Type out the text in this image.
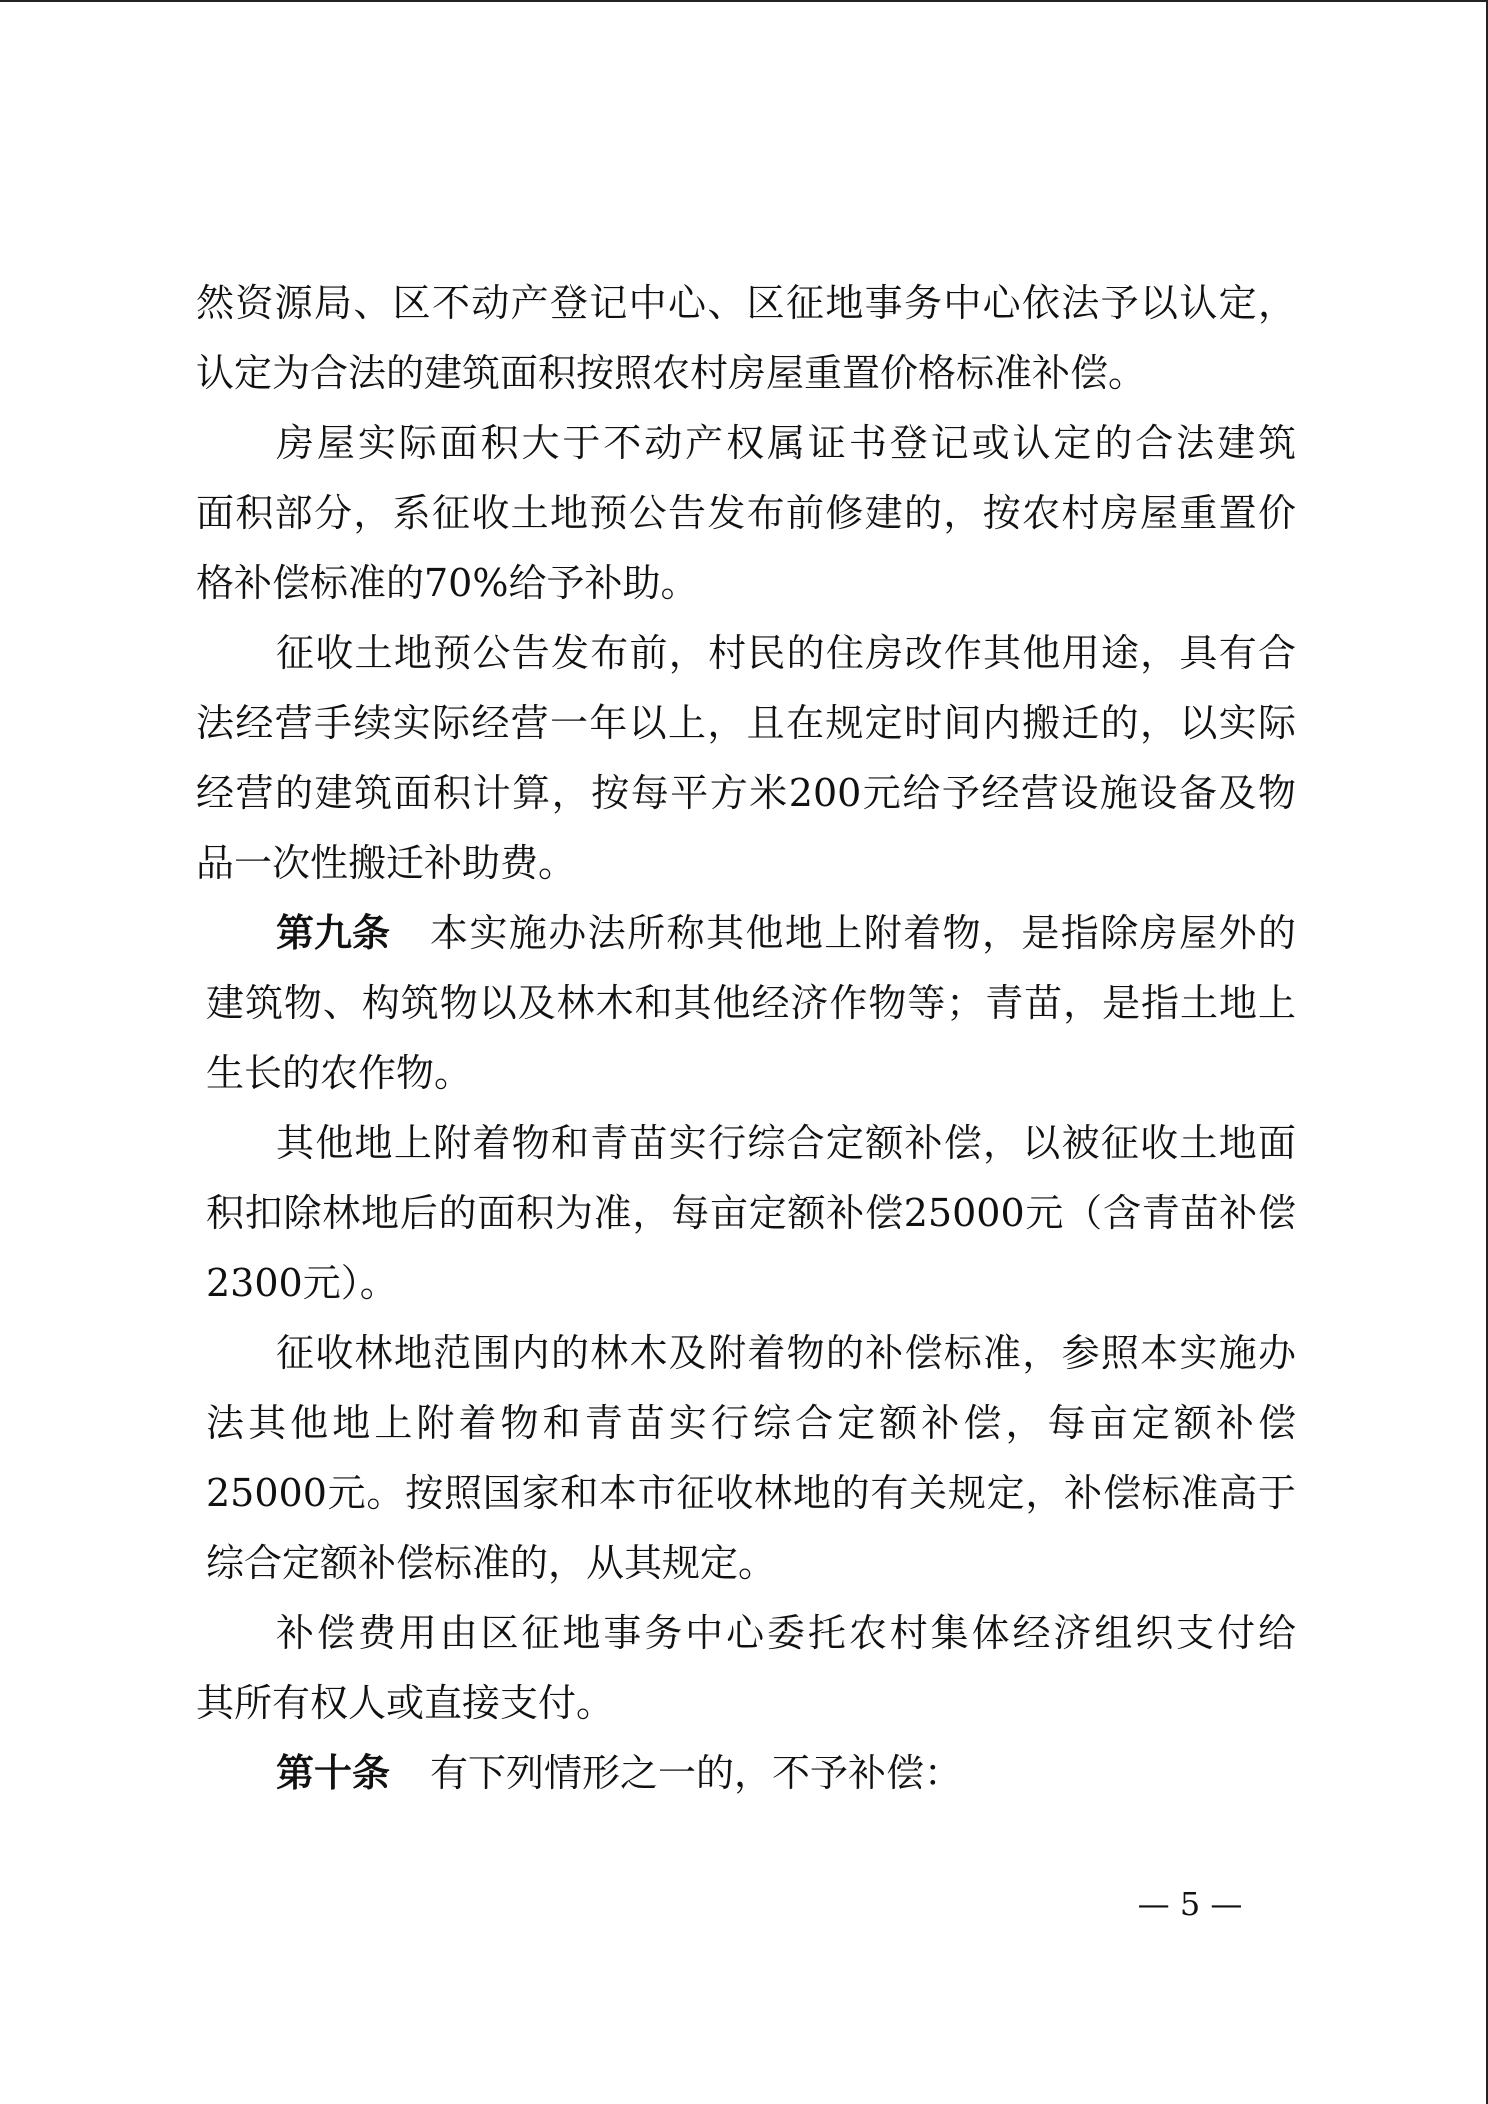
然资源局、区不动产登记中心、区征地事务中心依法予以认定，
认定为合法的建筑面积按照农村房屋重置价格标准补偿。
房屋实际面积大于不动产权属证书登记或认定的合法建筑
面积部分，系征收土地预公告发布前修建的，按农村房屋重置价
格补偿标准的70%给予补助。
征收土地预公告发布前，村民的住房改作其他用途，具有合
法经营手续实际经营一年以上，且在规定时间内搬迁的，以实际
经营的建筑面积计算，按每平方米200元给予经营设施设备及物
品一次性搬迁补助费。
第九条 本实施办法所称其他地上附着物，是指除房屋外的
建筑物、构筑物以及林木和其他经济作物等；青苗，是指土地上
生长的农作物。
其他地上附着物和青苗实行综合定额补偿，以被征收土地面
积扣除林地后的面积为准，每亩定额补偿25000元（含青苗补偿
2300元）。
征收林地范围内的林木及附着物的补偿标准，参照本实施办
法其他地上附着物和青苗实行综合定额补偿，每亩定额补偿
25000元。按照国家和本市征收林地的有关规定，补偿标准高于
综合定额补偿标准的，从其规定。
补偿费用由区征地事务中心委托农村集体经济组织支付给
其所有权人或直接支付。
第十条 有下列情形之一的，不予补偿：
— 5 —
